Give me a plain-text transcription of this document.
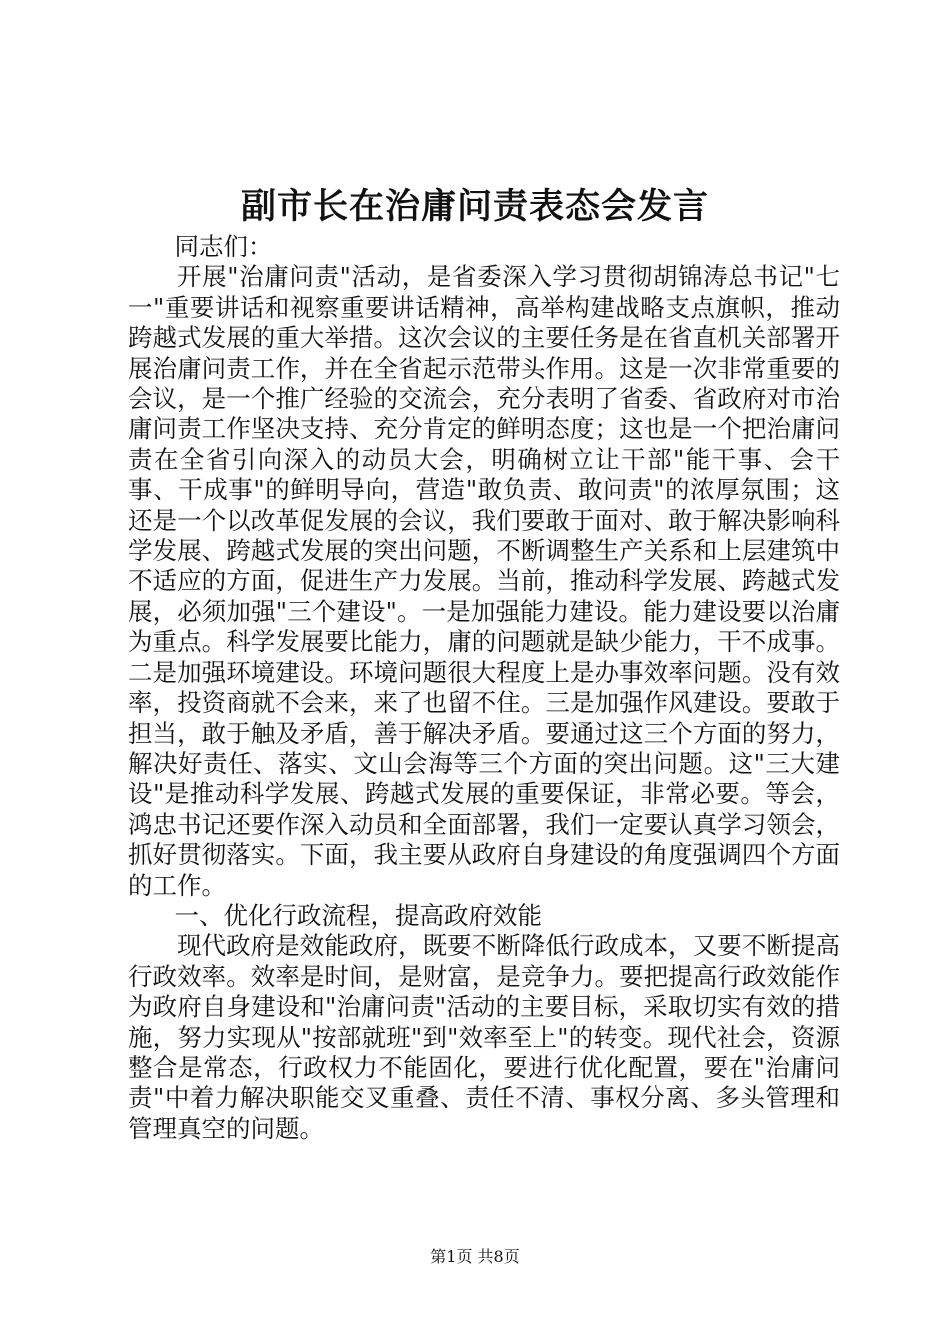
副市长在治庸问责表态会发言

同志们：

开展"治庸问责"活动，是省委深入学习贯彻胡锦涛总书记"七一"重要讲话和视察重要讲话精神，高举构建战略支点旗帜，推动跨越式发展的重大举措。这次会议的主要任务是在省直机关部署开展治庸问责工作，并在全省起示范带头作用。这是一次非常重要的会议，是一个推广经验的交流会，充分表明了省委、省政府对市治庸问责工作坚决支持、充分肯定的鲜明态度；这也是一个把治庸问责在全省引向深入的动员大会，明确树立让干部"能干事、会干事、干成事"的鲜明导向，营造"敢负责、敢问责"的浓厚氛围；这还是一个以改革促发展的会议，我们要敢于面对、敢于解决影响科学发展、跨越式发展的突出问题，不断调整生产关系和上层建筑中不适应的方面，促进生产力发展。当前，推动科学发展、跨越式发展，必须加强"三个建设"。一是加强能力建设。能力建设要以治庸为重点。科学发展要比能力，庸的问题就是缺少能力，干不成事。二是加强环境建设。环境问题很大程度上是办事效率问题。没有效率，投资商就不会来，来了也留不住。三是加强作风建设。要敢于担当，敢于触及矛盾，善于解决矛盾。要通过这三个方面的努力，解决好责任、落实、文山会海等三个方面的突出问题。这"三大建设"是推动科学发展、跨越式发展的重要保证，非常必要。等会，鸿忠书记还要作深入动员和全面部署，我们一定要认真学习领会，抓好贯彻落实。下面，我主要从政府自身建设的角度强调四个方面的工作。

一、优化行政流程，提高政府效能

现代政府是效能政府，既要不断降低行政成本，又要不断提高行政效率。效率是时间，是财富，是竞争力。要把提高行政效能作为政府自身建设和"治庸问责"活动的主要目标，采取切实有效的措施，努力实现从"按部就班"到"效率至上"的转变。现代社会，资源整合是常态，行政权力不能固化，要进行优化配置，要在"治庸问责"中着力解决职能交叉重叠、责任不清、事权分离、多头管理和管理真空的问题。

第1页 共8页
